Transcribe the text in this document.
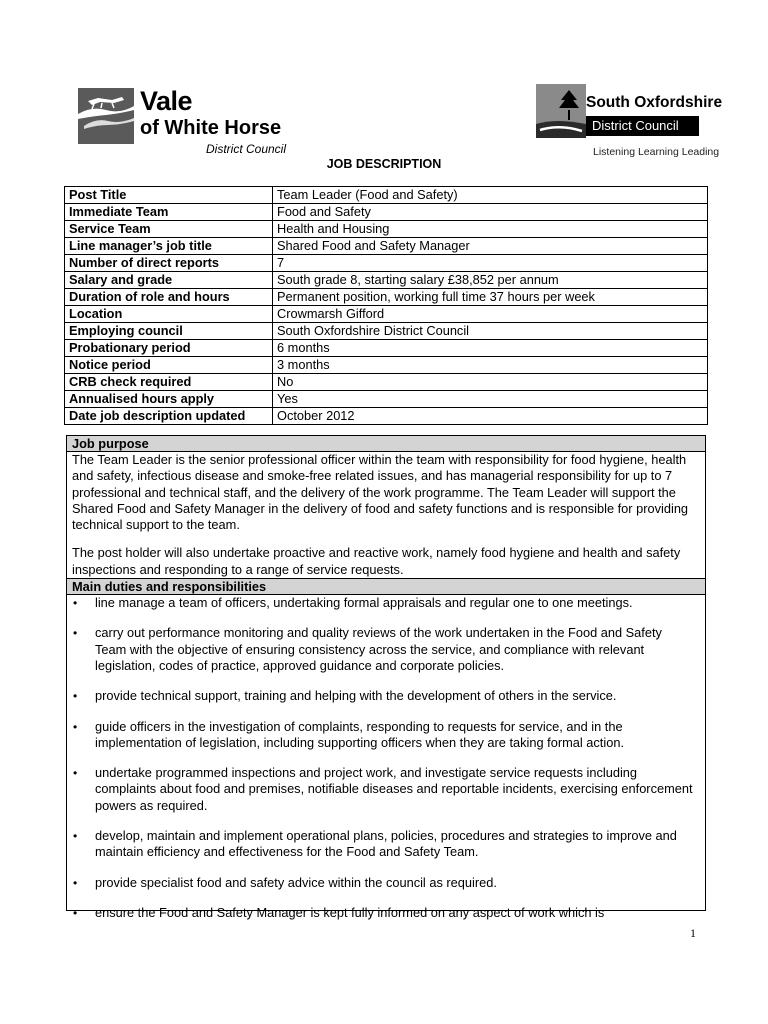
Vale
of White Horse
District Council
South Oxfordshire
District Council
Listening Learning Leading
JOB DESCRIPTION
Post Title	Team Leader (Food and Safety)
Immediate Team	Food and Safety
Service Team	Health and Housing
Line manager’s job title	Shared Food and Safety Manager
Number of direct reports	7
Salary and grade	South grade 8, starting salary £38,852 per annum
Duration of role and hours	Permanent position, working full time 37 hours per week
Location	Crowmarsh Gifford
Employing council	South Oxfordshire District Council
Probationary period	6 months
Notice period	3 months
CRB check required	No
Annualised hours apply	Yes
Date job description updated	October 2012
Job purpose

The Team Leader is the senior professional officer within the team with responsibility for food hygiene, health and safety, infectious disease and smoke-free related issues, and has managerial responsibility for up to 7 professional and technical staff, and the delivery of the work programme. The Team Leader will support the Shared Food and Safety Manager in the delivery of food and safety functions and is responsible for providing technical support to the team.

The post holder will also undertake proactive and reactive work, namely food hygiene and health and safety inspections and responding to a range of service requests.

Main duties and responsibilities
• line manage a team of officers, undertaking formal appraisals and regular one to one meetings.
• carry out performance monitoring and quality reviews of the work undertaken in the Food and Safety Team with the objective of ensuring consistency across the service, and compliance with relevant legislation, codes of practice, approved guidance and corporate policies.
• provide technical support, training and helping with the development of others in the service.
• guide officers in the investigation of complaints, responding to requests for service, and in the implementation of legislation, including supporting officers when they are taking formal action.
• undertake programmed inspections and project work, and investigate service requests including complaints about food and premises, notifiable diseases and reportable incidents, exercising enforcement powers as required.
• develop, maintain and implement operational plans, policies, procedures and strategies to improve and maintain efficiency and effectiveness for the Food and Safety Team.
• provide specialist food and safety advice within the council as required.
• ensure the Food and Safety Manager is kept fully informed on any aspect of work which is
1
